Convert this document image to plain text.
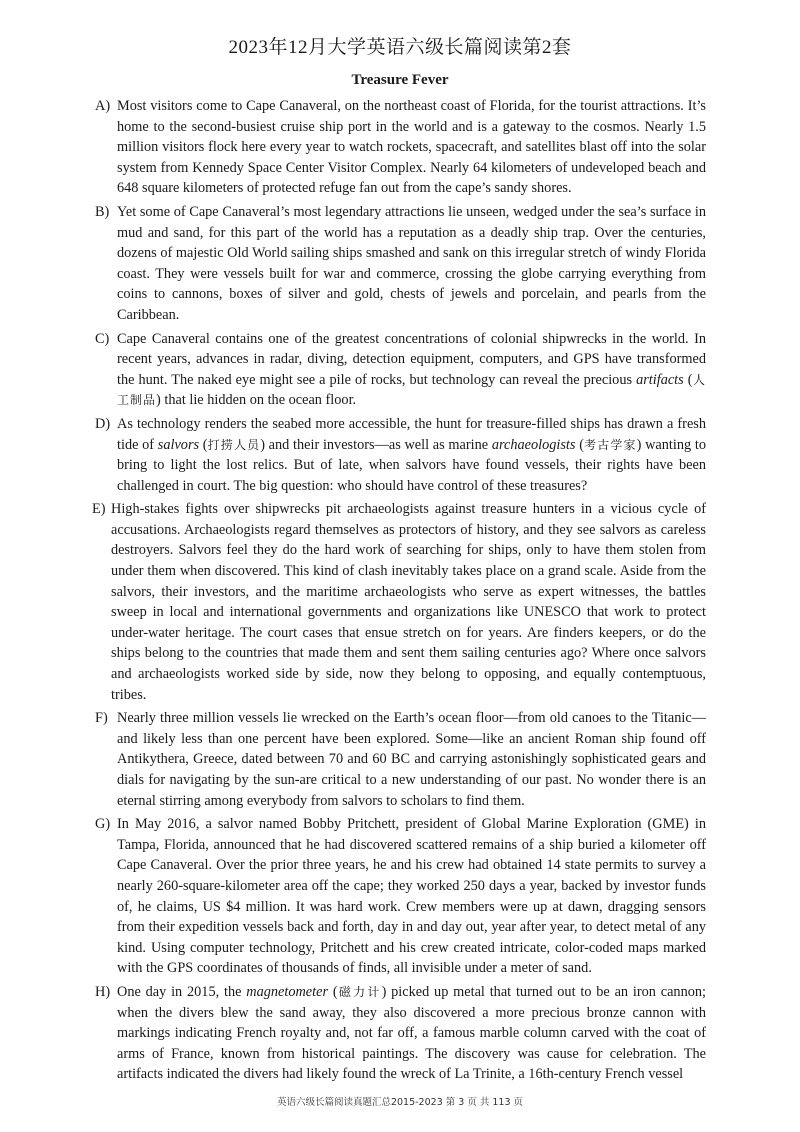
2023年12月大学英语六级长篇阅读第2套
Treasure Fever
A) Most visitors come to Cape Canaveral, on the northeast coast of Florida, for the tourist attractions. It’s home to the second-busiest cruise ship port in the world and is a gateway to the cosmos. Nearly 1.5 million visitors flock here every year to watch rockets, spacecraft, and satellites blast off into the solar system from Kennedy Space Center Visitor Complex. Nearly 64 kilometers of undeveloped beach and 648 square kilometers of protected refuge fan out from the cape’s sandy shores.
B) Yet some of Cape Canaveral’s most legendary attractions lie unseen, wedged under the sea’s surface in mud and sand, for this part of the world has a reputation as a deadly ship trap. Over the centuries, dozens of majestic Old World sailing ships smashed and sank on this irregular stretch of windy Florida coast. They were vessels built for war and commerce, crossing the globe carrying everything from coins to cannons, boxes of silver and gold, chests of jewels and porcelain, and pearls from the Caribbean.
C) Cape Canaveral contains one of the greatest concentrations of colonial shipwrecks in the world. In recent years, advances in radar, diving, detection equipment, computers, and GPS have transformed the hunt. The naked eye might see a pile of rocks, but technology can reveal the precious artifacts (人工制品) that lie hidden on the ocean floor.
D) As technology renders the seabed more accessible, the hunt for treasure-filled ships has drawn a fresh tide of salvors (打捞人员) and their investors—as well as marine archaeologists (考古学家) wanting to bring to light the lost relics. But of late, when salvors have found vessels, their rights have been challenged in court. The big question: who should have control of these treasures?
E) High-stakes fights over shipwrecks pit archaeologists against treasure hunters in a vicious cycle of accusations. Archaeologists regard themselves as protectors of history, and they see salvors as careless destroyers. Salvors feel they do the hard work of searching for ships, only to have them stolen from under them when discovered. This kind of clash inevitably takes place on a grand scale. Aside from the salvors, their investors, and the maritime archaeologists who serve as expert witnesses, the battles sweep in local and international governments and organizations like UNESCO that work to protect under-water heritage. The court cases that ensue stretch on for years. Are finders keepers, or do the ships belong to the countries that made them and sent them sailing centuries ago? Where once salvors and archaeologists worked side by side, now they belong to opposing, and equally contemptuous, tribes.
F) Nearly three million vessels lie wrecked on the Earth’s ocean floor—from old canoes to the Titanic—and likely less than one percent have been explored. Some—like an ancient Roman ship found off Antikythera, Greece, dated between 70 and 60 BC and carrying astonishingly sophisticated gears and dials for navigating by the sun-are critical to a new understanding of our past. No wonder there is an eternal stirring among everybody from salvors to scholars to find them.
G) In May 2016, a salvor named Bobby Pritchett, president of Global Marine Exploration (GME) in Tampa, Florida, announced that he had discovered scattered remains of a ship buried a kilometer off Cape Canaveral. Over the prior three years, he and his crew had obtained 14 state permits to survey a nearly 260-square-kilometer area off the cape; they worked 250 days a year, backed by investor funds of, he claims, US $4 million. It was hard work. Crew members were up at dawn, dragging sensors from their expedition vessels back and forth, day in and day out, year after year, to detect metal of any kind. Using computer technology, Pritchett and his crew created intricate, color-coded maps marked with the GPS coordinates of thousands of finds, all invisible under a meter of sand.
H) One day in 2015, the magnetometer (磁力计) picked up metal that turned out to be an iron cannon; when the divers blew the sand away, they also discovered a more precious bronze cannon with markings indicating French royalty and, not far off, a famous marble column carved with the coat of arms of France, known from historical paintings. The discovery was cause for celebration. The artifacts indicated the divers had likely found the wreck of La Trinite, a 16th-century French vessel
英语六级长篇阅读真题汇总2015-2023 第 3 页 共 113 页
